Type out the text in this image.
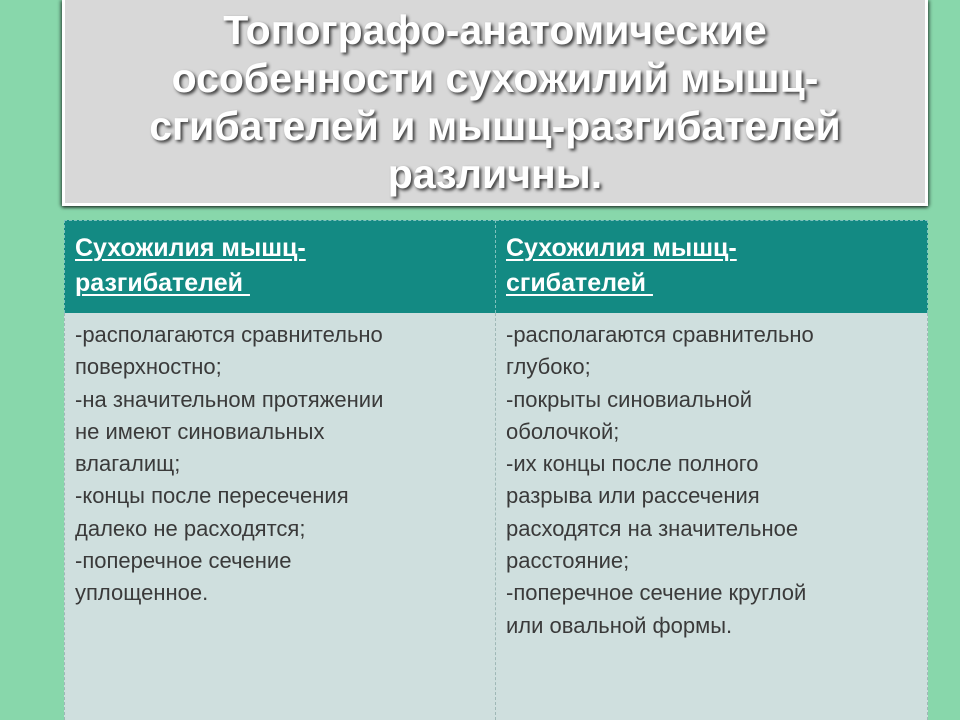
Топографо-анатомические
особенности сухожилий мышц-
сгибателей и мышц-разгибателей
различны.

Сухожилия мышц-
разгибателей

Сухожилия мышц-
сгибателей

-располагаются сравнительно
поверхностно;
-на значительном протяжении
не имеют синовиальных
влагалищ;
-концы после пересечения
далеко не расходятся;
-поперечное сечение
уплощенное.
-располагаются сравнительно
глубоко;
-покрыты синовиальной
оболочкой;
-их концы после полного
разрыва или рассечения
расходятся на значительное
расстояние;
-поперечное сечение круглой
или овальной формы.
